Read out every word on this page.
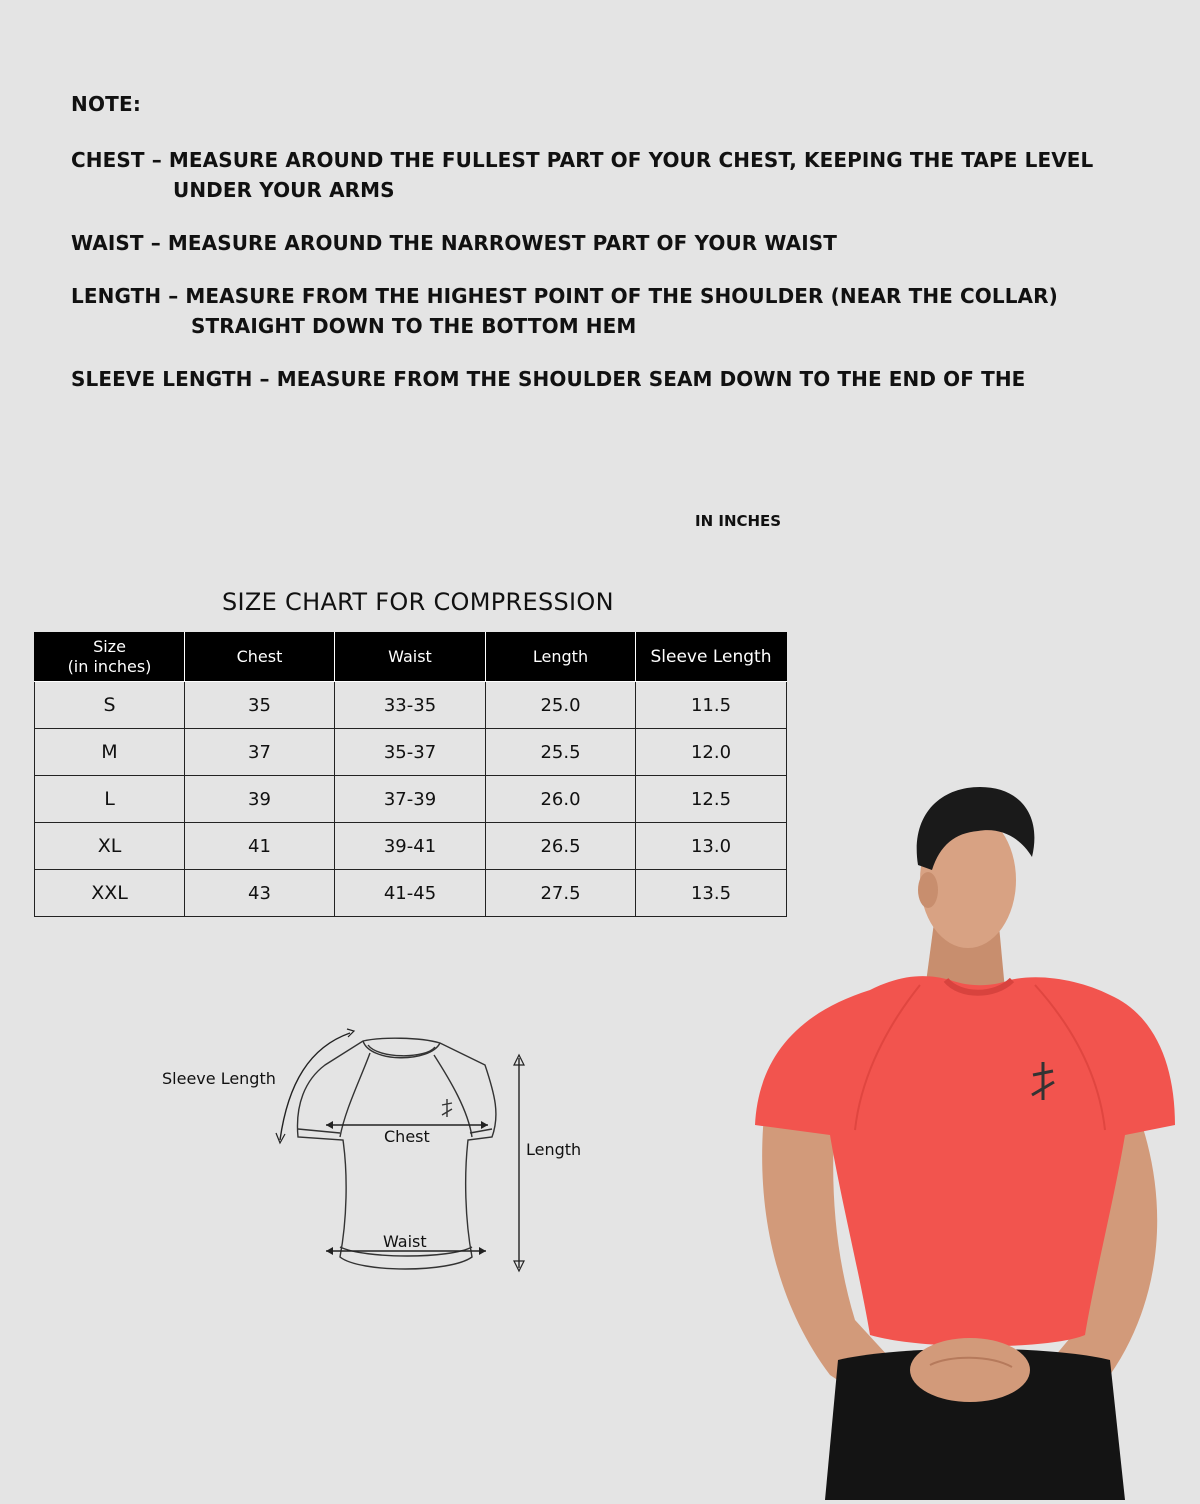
NOTE:
CHEST – MEASURE AROUND THE FULLEST PART OF YOUR CHEST, KEEPING THE TAPE LEVEL
UNDER YOUR ARMS
WAIST – MEASURE AROUND THE NARROWEST PART OF YOUR WAIST
LENGTH – MEASURE FROM THE HIGHEST POINT OF THE SHOULDER (NEAR THE COLLAR)
STRAIGHT DOWN TO THE BOTTOM HEM
SLEEVE LENGTH – MEASURE FROM THE SHOULDER SEAM DOWN TO THE END OF THE
IN INCHES
SIZE CHART FOR COMPRESSION
Size
(in inches)	Chest	Waist	Length	Sleeve Length
S	35	33-35	25.0	11.5
M	37	35-37	25.5	12.0
L	39	37-39	26.0	12.5
XL	41	39-41	26.5	13.0
XXL	43	41-45	27.5	13.5
Sleeve Length
Chest
Waist
Length
